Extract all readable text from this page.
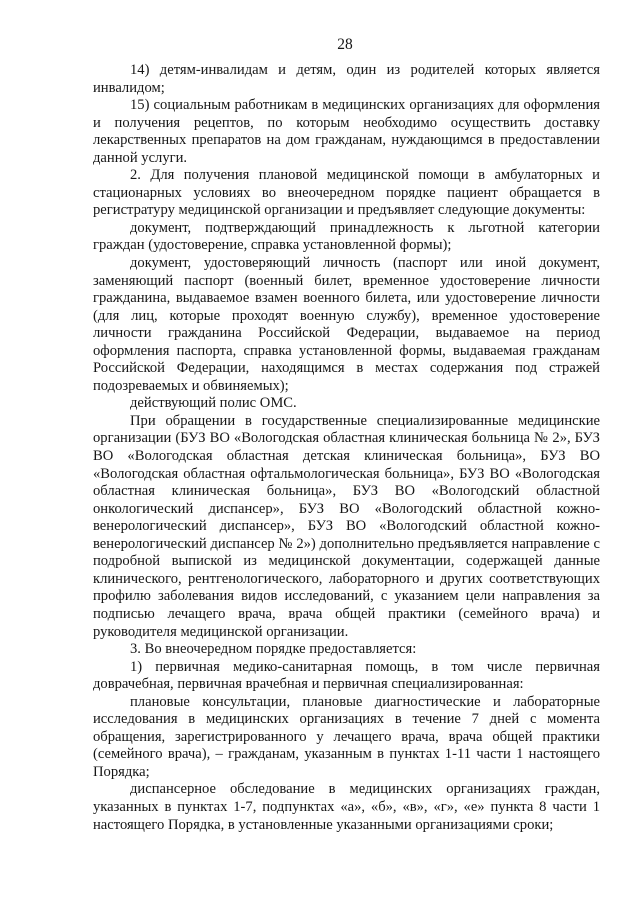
28

14) детям-инвалидам и детям, один из родителей которых является инвалидом;

15) социальным работникам в медицинских организациях для оформления и получения рецептов, по которым необходимо осуществить доставку лекарственных препаратов на дом гражданам, нуждающимся в предоставлении данной услуги.

2. Для получения плановой медицинской помощи в амбулаторных и стационарных условиях во внеочередном порядке пациент обращается в регистратуру медицинской организации и предъявляет следующие документы:

документ, подтверждающий принадлежность к льготной категории граждан (удостоверение, справка установленной формы);

документ, удостоверяющий личность (паспорт или иной документ, заменяющий паспорт (военный билет, временное удостоверение личности гражданина, выдаваемое взамен военного билета, или удостоверение личности (для лиц, которые проходят военную службу), временное удостоверение личности гражданина Российской Федерации, выдаваемое на период оформления паспорта, справка установленной формы, выдаваемая гражданам Российской Федерации, находящимся в местах содержания под стражей подозреваемых и обвиняемых);

действующий полис ОМС.

При обращении в государственные специализированные медицинские организации (БУЗ ВО «Вологодская областная клиническая больница № 2», БУЗ ВО «Вологодская областная детская клиническая больница», БУЗ ВО «Вологодская областная офтальмологическая больница», БУЗ ВО «Вологодская областная клиническая больница», БУЗ ВО «Вологодский областной онкологический диспансер», БУЗ ВО «Вологодский областной кожно-венерологический диспансер», БУЗ ВО «Вологодский областной кожно-венерологический диспансер № 2») дополнительно предъявляется направление с подробной выпиской из медицинской документации, содержащей данные клинического, рентгенологического, лабораторного и других соответствующих профилю заболевания видов исследований, с указанием цели направления за подписью лечащего врача, врача общей практики (семейного врача) и руководителя медицинской организации.

3. Во внеочередном порядке предоставляется:

1) первичная медико-санитарная помощь, в том числе первичная доврачебная, первичная врачебная и первичная специализированная:

плановые консультации, плановые диагностические и лабораторные исследования в медицинских организациях в течение 7 дней с момента обращения, зарегистрированного у лечащего врача, врача общей практики (семейного врача), – гражданам, указанным в пунктах 1-11 части 1 настоящего Порядка;

диспансерное обследование в медицинских организациях граждан, указанных в пунктах 1-7, подпунктах «а», «б», «в», «г», «е» пункта 8 части 1 настоящего Порядка, в установленные указанными организациями сроки;
